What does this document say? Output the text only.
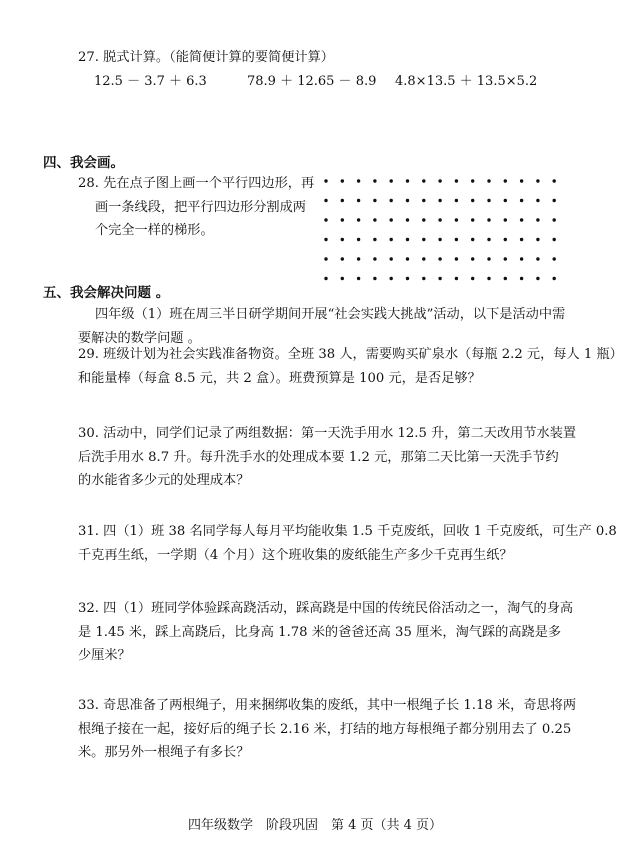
27. 脱式计算。（能简便计算的要简便计算）
12.5 － 3.7 ＋ 6.3	78.9 ＋ 12.65 － 8.9 4.8×13.5 ＋ 13.5×5.2
四、我会画。
28. 先在点子图上画一个平行四边形，再
画一条线段，把平行四边形分割成两
个完全一样的梯形。
五、我会解决问题 。
四年级（1）班在周三半日研学期间开展“社会实践大挑战”活动，以下是活动中需
要解决的数学问题 。
29. 班级计划为社会实践准备物资。全班 38 人，需要购买矿泉水（每瓶 2.2 元，每人 1 瓶）
和能量棒（每盒 8.5 元，共 2 盒）。班费预算是 100 元，是否足够？
30. 活动中，同学们记录了两组数据：第一天洗手用水 12.5 升，第二天改用节水装置
后洗手用水 8.7 升。每升洗手水的处理成本要 1.2 元，那第二天比第一天洗手节约
的水能省多少元的处理成本？
31. 四（1）班 38 名同学每人每月平均能收集 1.5 千克废纸，回收 1 千克废纸，可生产 0.8
千克再生纸，一学期（4 个月）这个班收集的废纸能生产多少千克再生纸？
32. 四（1）班同学体验踩高跷活动，踩高跷是中国的传统民俗活动之一，淘气的身高
是 1.45 米，踩上高跷后，比身高 1.78 米的爸爸还高 35 厘米，淘气踩的高跷是多
少厘米？
33. 奇思准备了两根绳子，用来捆绑收集的废纸，其中一根绳子长 1.18 米，奇思将两
根绳子接在一起，接好后的绳子长 2.16 米，打结的地方每根绳子都分别用去了 0.25
米。那另外一根绳子有多长？
四年级数学　阶段巩固　第 4 页（共 4 页）
